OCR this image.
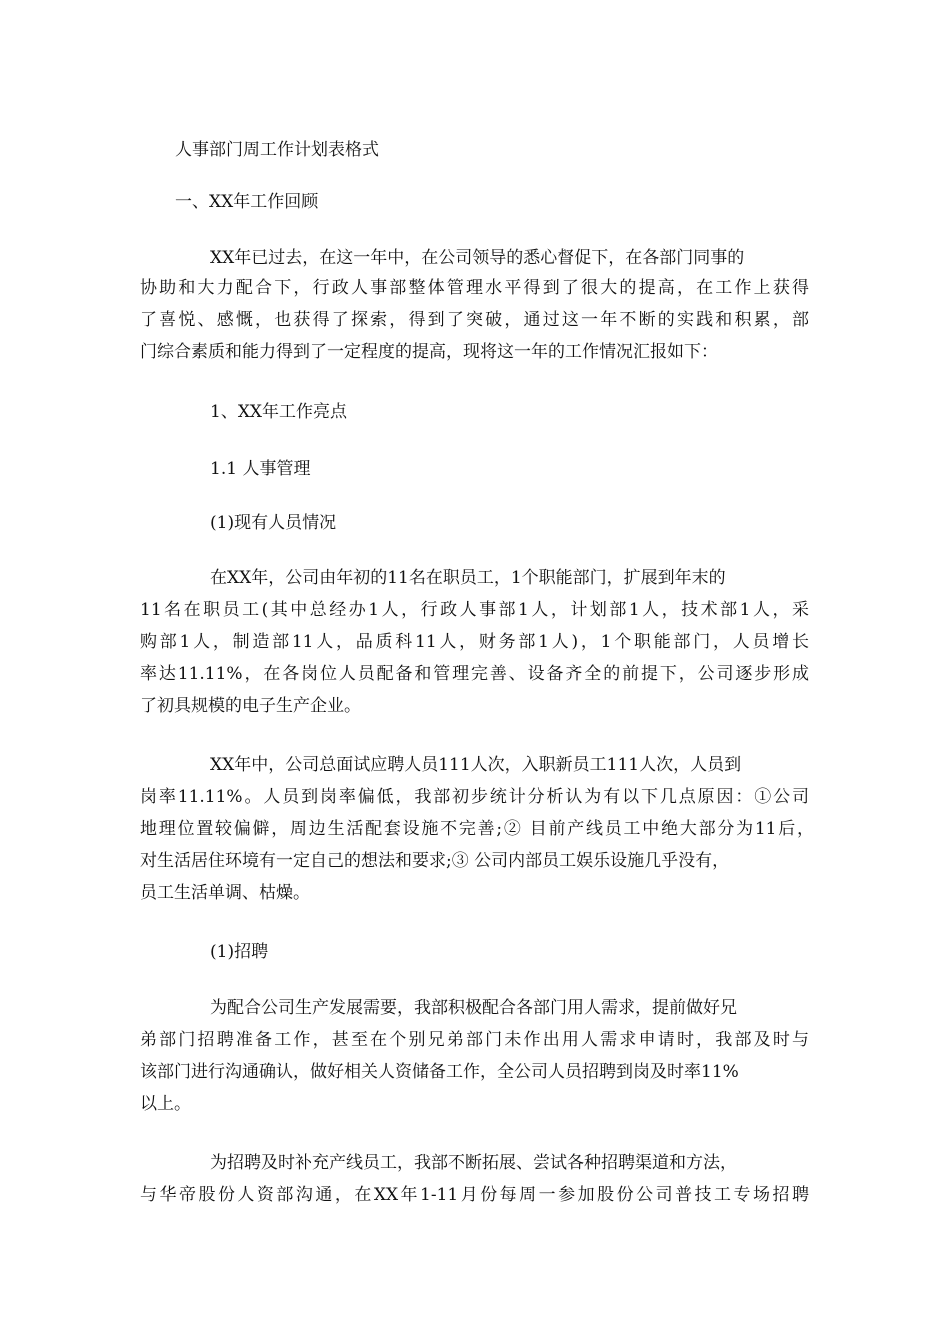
人事部门周工作计划表格式
一、XX年工作回顾
XX年已过去，在这一年中，在公司领导的悉心督促下，在各部门同事的
协助和大力配合下，行政人事部整体管理水平得到了很大的提高，在工作上获得
了喜悦、感慨，也获得了探索，得到了突破，通过这一年不断的实践和积累，部
门综合素质和能力得到了一定程度的提高，现将这一年的工作情况汇报如下：
1、XX年工作亮点
1.1 人事管理
(1)现有人员情况
在XX年，公司由年初的11名在职员工，1个职能部门，扩展到年末的
11名在职员工(其中总经办1人，行政人事部1人，计划部1人，技术部1人，采
购部1人，制造部11人，品质科11人，财务部1人)，1个职能部门，人员增长
率达11.11%，在各岗位人员配备和管理完善、设备齐全的前提下，公司逐步形成
了初具规模的电子生产企业。
XX年中，公司总面试应聘人员111人次，入职新员工111人次，人员到
岗率11.11%。人员到岗率偏低，我部初步统计分析认为有以下几点原因：①公司
地理位置较偏僻，周边生活配套设施不完善;② 目前产线员工中绝大部分为11后，
对生活居住环境有一定自己的想法和要求;③ 公司内部员工娱乐设施几乎没有，
员工生活单调、枯燥。
(1)招聘
为配合公司生产发展需要，我部积极配合各部门用人需求，提前做好兄
弟部门招聘准备工作，甚至在个别兄弟部门未作出用人需求申请时，我部及时与
该部门进行沟通确认，做好相关人资储备工作，全公司人员招聘到岗及时率11%
以上。
为招聘及时补充产线员工，我部不断拓展、尝试各种招聘渠道和方法，
与华帝股份人资部沟通，在XX年1-11月份每周一参加股份公司普技工专场招聘
